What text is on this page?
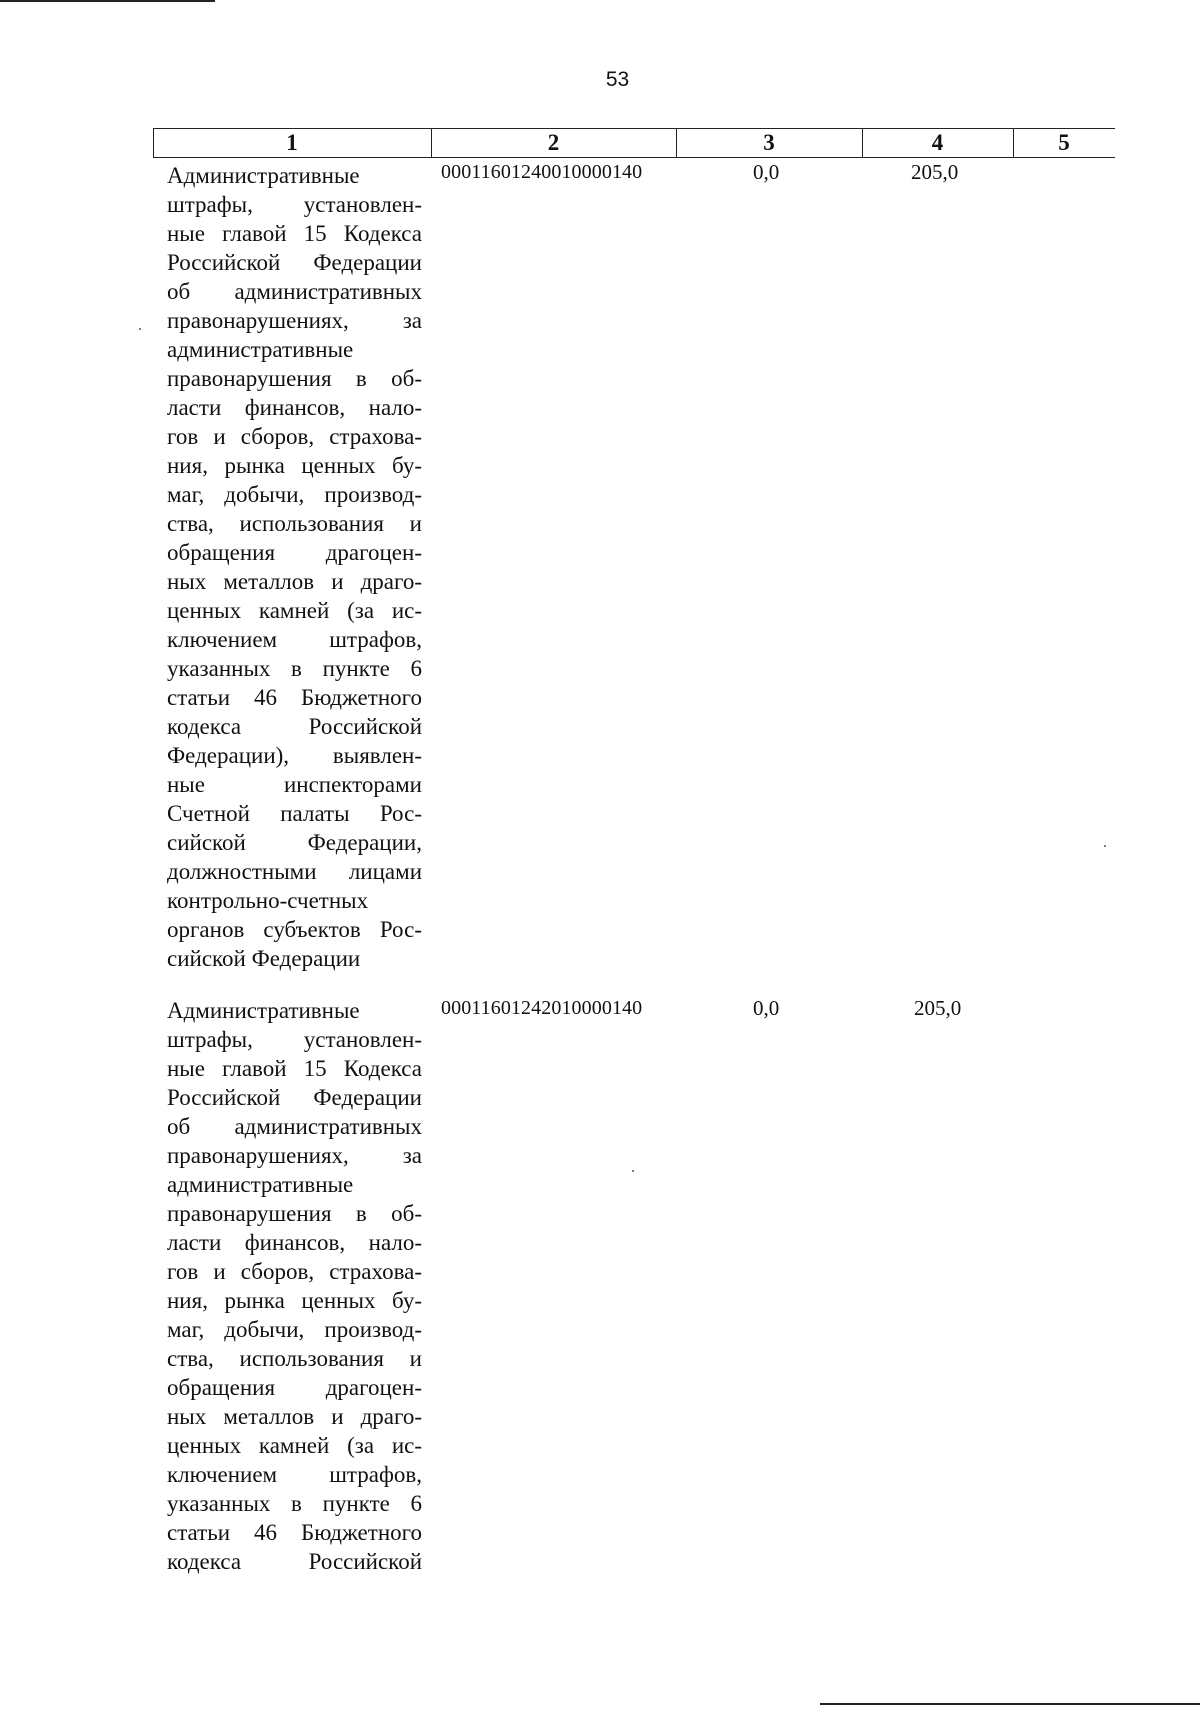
53
1	2	3	4	5
Административные
штрафы, установлен-
ные главой 15 Кодекса
Российской Федерации
об административных
правонарушениях, за
административные
правонарушения в об-
ласти финансов, нало-
гов и сборов, страхова-
ния, рынка ценных бу-
маг, добычи, производ-
ства, использования и
обращения драгоцен-
ных металлов и драго-
ценных камней (за ис-
ключением штрафов,
указанных в пункте 6
статьи 46 Бюджетного
кодекса Российской
Федерации), выявлен-
ные инспекторами
Счетной палаты Рос-
сийской Федерации,
должностными лицами
контрольно-счетных
органов субъектов Рос-
сийской Федерации
00011601240010000140	0,0	205,0
Административные
штрафы, установлен-
ные главой 15 Кодекса
Российской Федерации
об административных
правонарушениях, за
административные
правонарушения в об-
ласти финансов, нало-
гов и сборов, страхова-
ния, рынка ценных бу-
маг, добычи, производ-
ства, использования и
обращения драгоцен-
ных металлов и драго-
ценных камней (за ис-
ключением штрафов,
указанных в пункте 6
статьи 46 Бюджетного
кодекса Российской
00011601242010000140	0,0	205,0
